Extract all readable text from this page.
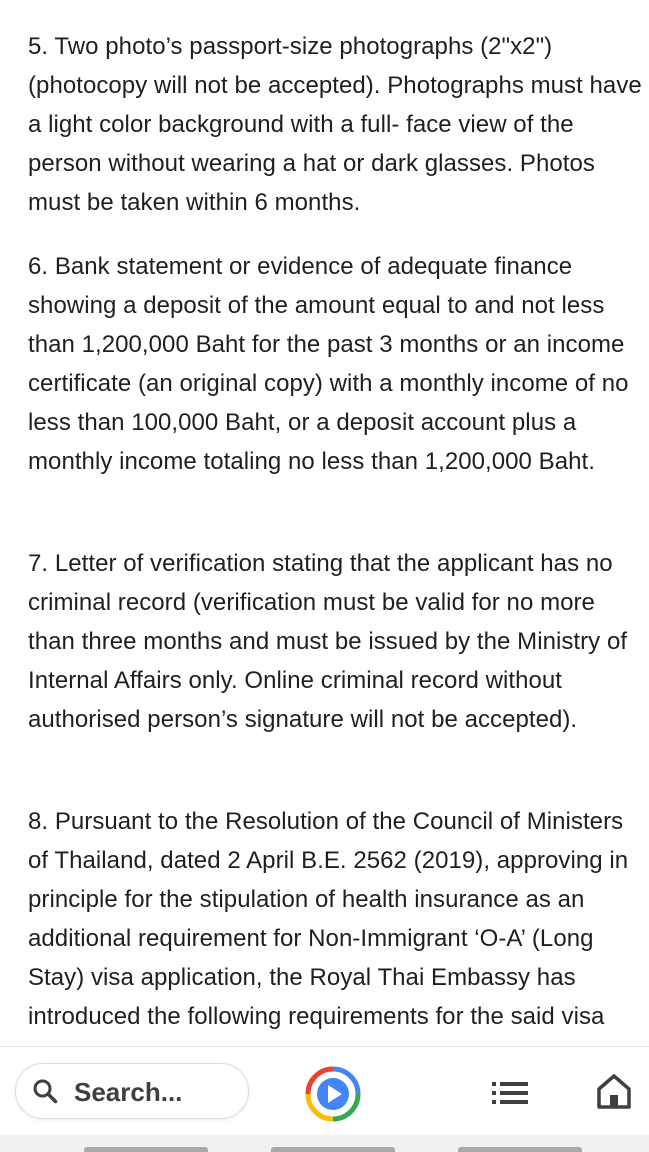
5. Two photo’s passport-size photographs (2"x2") (photocopy will not be accepted). Photographs must have a light color background with a full- face view of the person without wearing a hat or dark glasses. Photos must be taken within 6 months.

6. Bank statement or evidence of adequate finance showing a deposit of the amount equal to and not less than 1,200,000 Baht for the past 3 months or an income certificate (an original copy) with a monthly income of no less than 100,000 Baht, or a deposit account plus a monthly income totaling no less than 1,200,000 Baht.

7. Letter of verification stating that the applicant has no criminal record (verification must be valid for no more than three months and must be issued by the Ministry of Internal Affairs only. Online criminal record without authorised person’s signature will not be accepted).

8. Pursuant to the Resolution of the Council of Ministers of Thailand, dated 2 April B.E. 2562 (2019), approving in principle for the stipulation of health insurance as an additional requirement for Non-Immigrant ‘O-A’ (Long Stay) visa application, the Royal Thai Embassy has introduced the following requirements for the said visa

Search...
